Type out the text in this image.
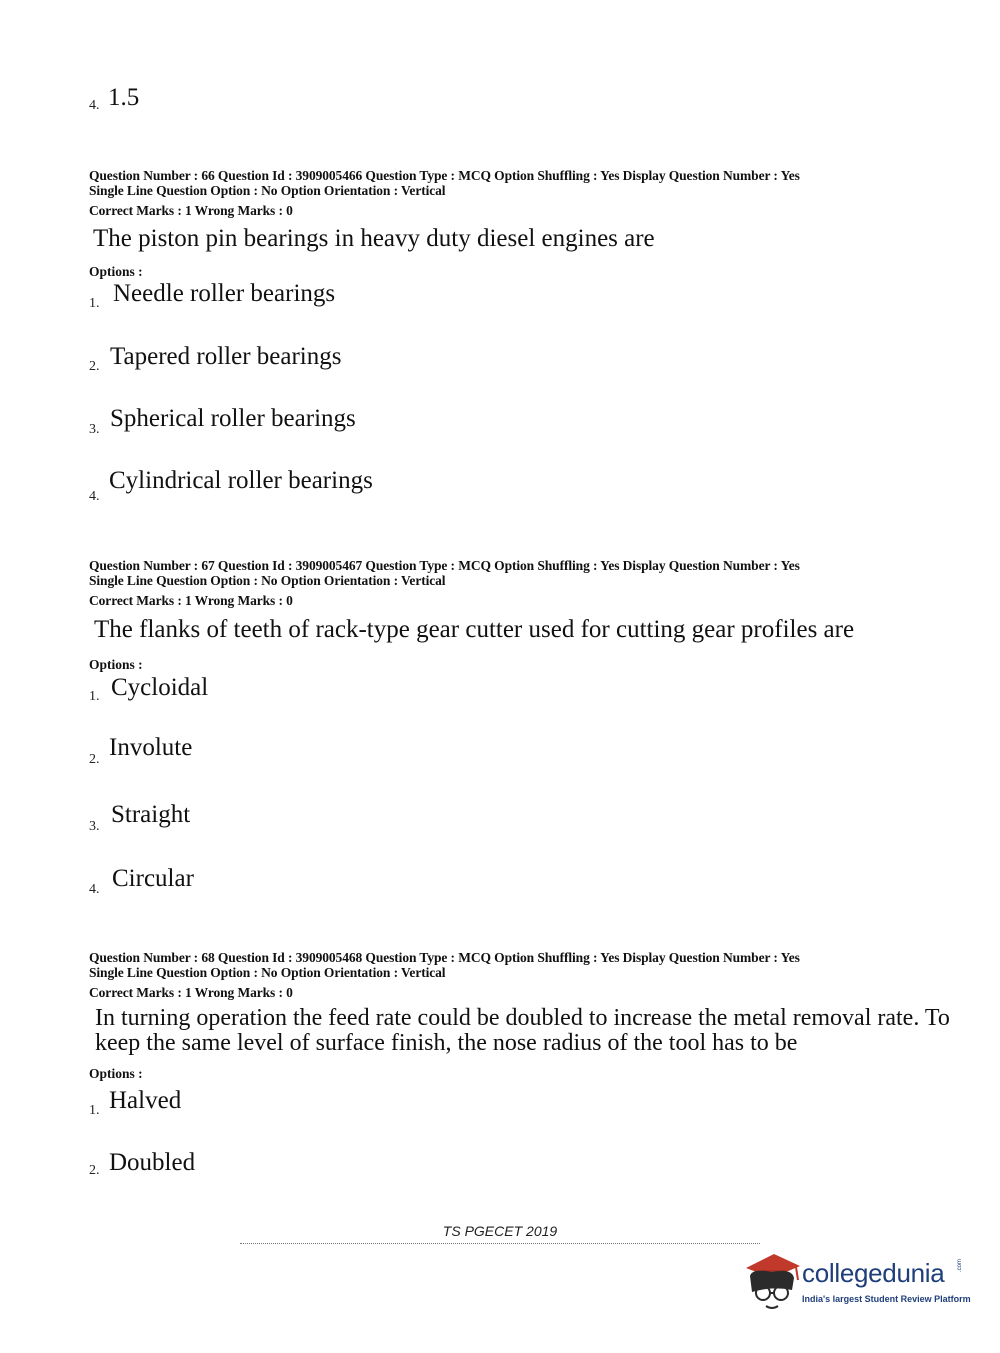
4. 1.5
Question Number : 66 Question Id : 3909005466 Question Type : MCQ Option Shuffling : Yes Display Question Number : Yes
Single Line Question Option : No Option Orientation : Vertical
Correct Marks : 1 Wrong Marks : 0
The piston pin bearings in heavy duty diesel engines are
Options :
1. Needle roller bearings
2. Tapered roller bearings
3. Spherical roller bearings
4.
Cylindrical roller bearings
Question Number : 67 Question Id : 3909005467 Question Type : MCQ Option Shuffling : Yes Display Question Number : Yes
Single Line Question Option : No Option Orientation : Vertical
Correct Marks : 1 Wrong Marks : 0
The flanks of teeth of rack-type gear cutter used for cutting gear profiles are
Options :
1. Cycloidal
2. Involute
3. Straight
4. Circular
Question Number : 68 Question Id : 3909005468 Question Type : MCQ Option Shuffling : Yes Display Question Number : Yes
Single Line Question Option : No Option Orientation : Vertical
Correct Marks : 1 Wrong Marks : 0
In turning operation the feed rate could be doubled to increase the metal removal rate. To
keep the same level of surface finish, the nose radius of the tool has to be
Options :
1. Halved
2. Doubled
TS PGECET 2019
collegedunia .com
India's largest Student Review Platform
